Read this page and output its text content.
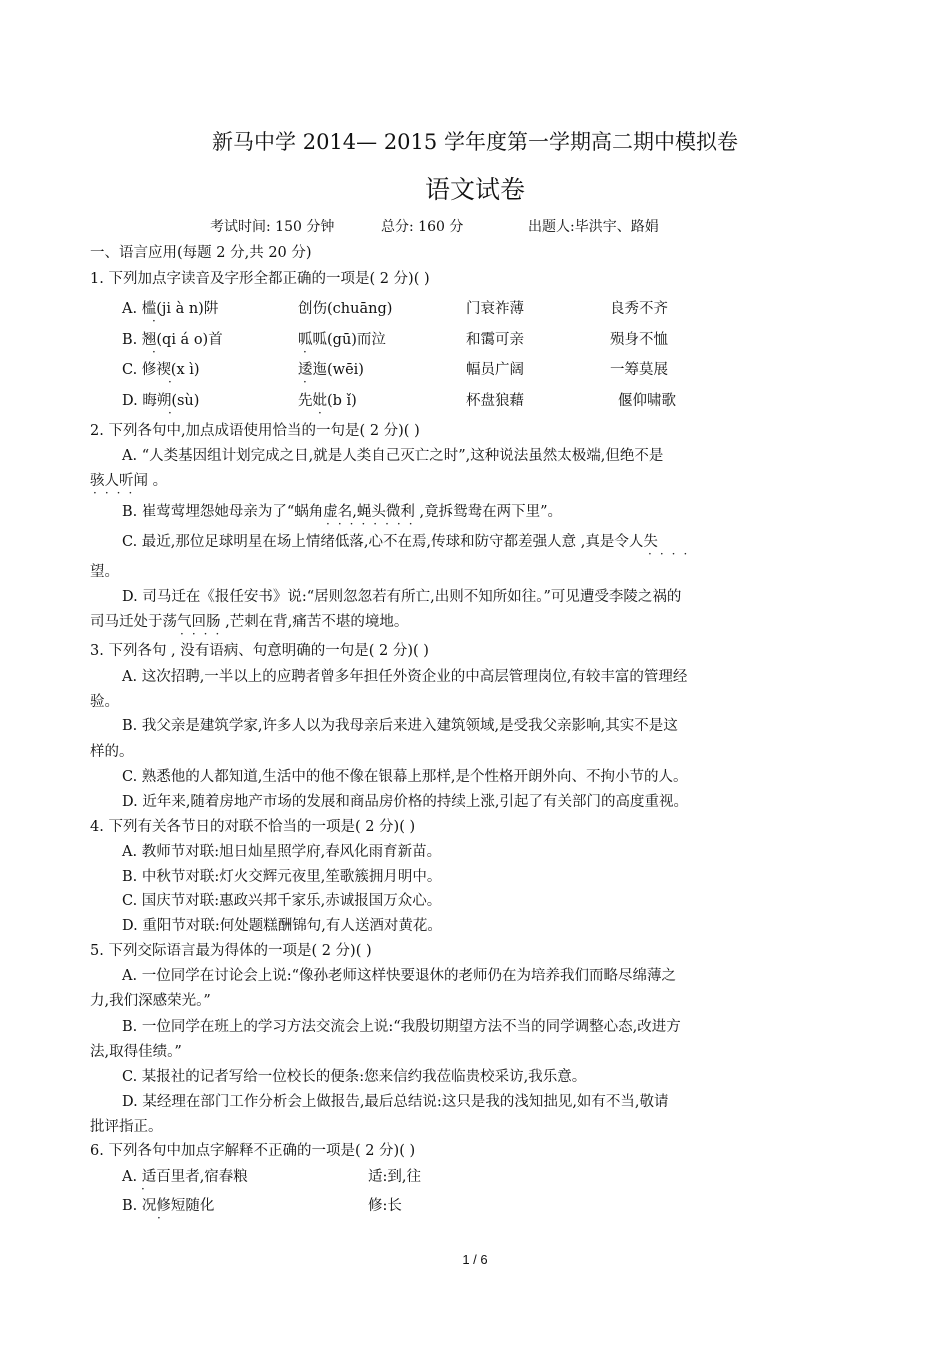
新马中学 2014— 2015 学年度第一学期高二期中模拟卷
语文试卷
考试时间: 150 分钟	总分: 160 分	出题人:毕洪宇、路娟
一、语言应用(每题 2 分,共 20 分)
1. 下列加点字读音及字形全都正确的一项是( 2 分)( )
A. 槛(ji à n)阱	创伤(chuāng)	门衰祚薄	良秀不齐
·
B. 翘(qi á o)首	呱呱(gū)而泣	和霭可亲	殒身不恤
·	·
C. 修禊(x ì)	逶迤(wēi)	幅员广阔	一筹莫展
·	·
D. 晦朔(sù)	先妣(b ǐ)	杯盘狼藉	偃仰啸歌
·	·
2. 下列各句中,加点成语使用恰当的一句是( 2 分)( )
A. “人类基因组计划完成之日,就是人类自己灭亡之时”,这种说法虽然太极端,但绝不是
骇人听闻 。
····
B. 崔莺莺埋怨她母亲为了“蜗角虚名,蝇头微利 ,竟拆鸳鸯在两下里”。
········
C. 最近,那位足球明星在场上情绪低落,心不在焉,传球和防守都差强人意 ,真是令人失
····
望。
D. 司马迁在《报任安书》说:“居则忽忽若有所亡,出则不知所如往。”可见遭受李陵之祸的
司马迁处于荡气回肠 ,芒刺在背,痛苦不堪的境地。
····
3. 下列各句 , 没有语病、句意明确的一句是( 2 分)( )
A. 这次招聘,一半以上的应聘者曾多年担任外资企业的中高层管理岗位,有较丰富的管理经
验。
B. 我父亲是建筑学家,许多人以为我母亲后来进入建筑领域,是受我父亲影响,其实不是这
样的。
C. 熟悉他的人都知道,生活中的他不像在银幕上那样,是个性格开朗外向、不拘小节的人。
D. 近年来,随着房地产市场的发展和商品房价格的持续上涨,引起了有关部门的高度重视。
4. 下列有关各节日的对联不恰当的一项是( 2 分)( )
A. 教师节对联:旭日灿星照学府,春风化雨育新苗。
B. 中秋节对联:灯火交辉元夜里,笙歌簇拥月明中。
C. 国庆节对联:惠政兴邦千家乐,赤诚报国万众心。
D. 重阳节对联:何处题糕酬锦句,有人送酒对黄花。
5. 下列交际语言最为得体的一项是( 2 分)( )
A. 一位同学在讨论会上说:“像孙老师这样快要退休的老师仍在为培养我们而略尽绵薄之
力,我们深感荣光。”
B. 一位同学在班上的学习方法交流会上说:“我殷切期望方法不当的同学调整心态,改进方
法,取得佳绩。”
C. 某报社的记者写给一位校长的便条:您来信约我莅临贵校采访,我乐意。
D. 某经理在部门工作分析会上做报告,最后总结说:这只是我的浅知拙见,如有不当,敬请
批评指正。
6. 下列各句中加点字解释不正确的一项是( 2 分)( )
A. 适百里者,宿春粮	适:到,往
·
B. 况修短随化	修:长
·
1 / 6
